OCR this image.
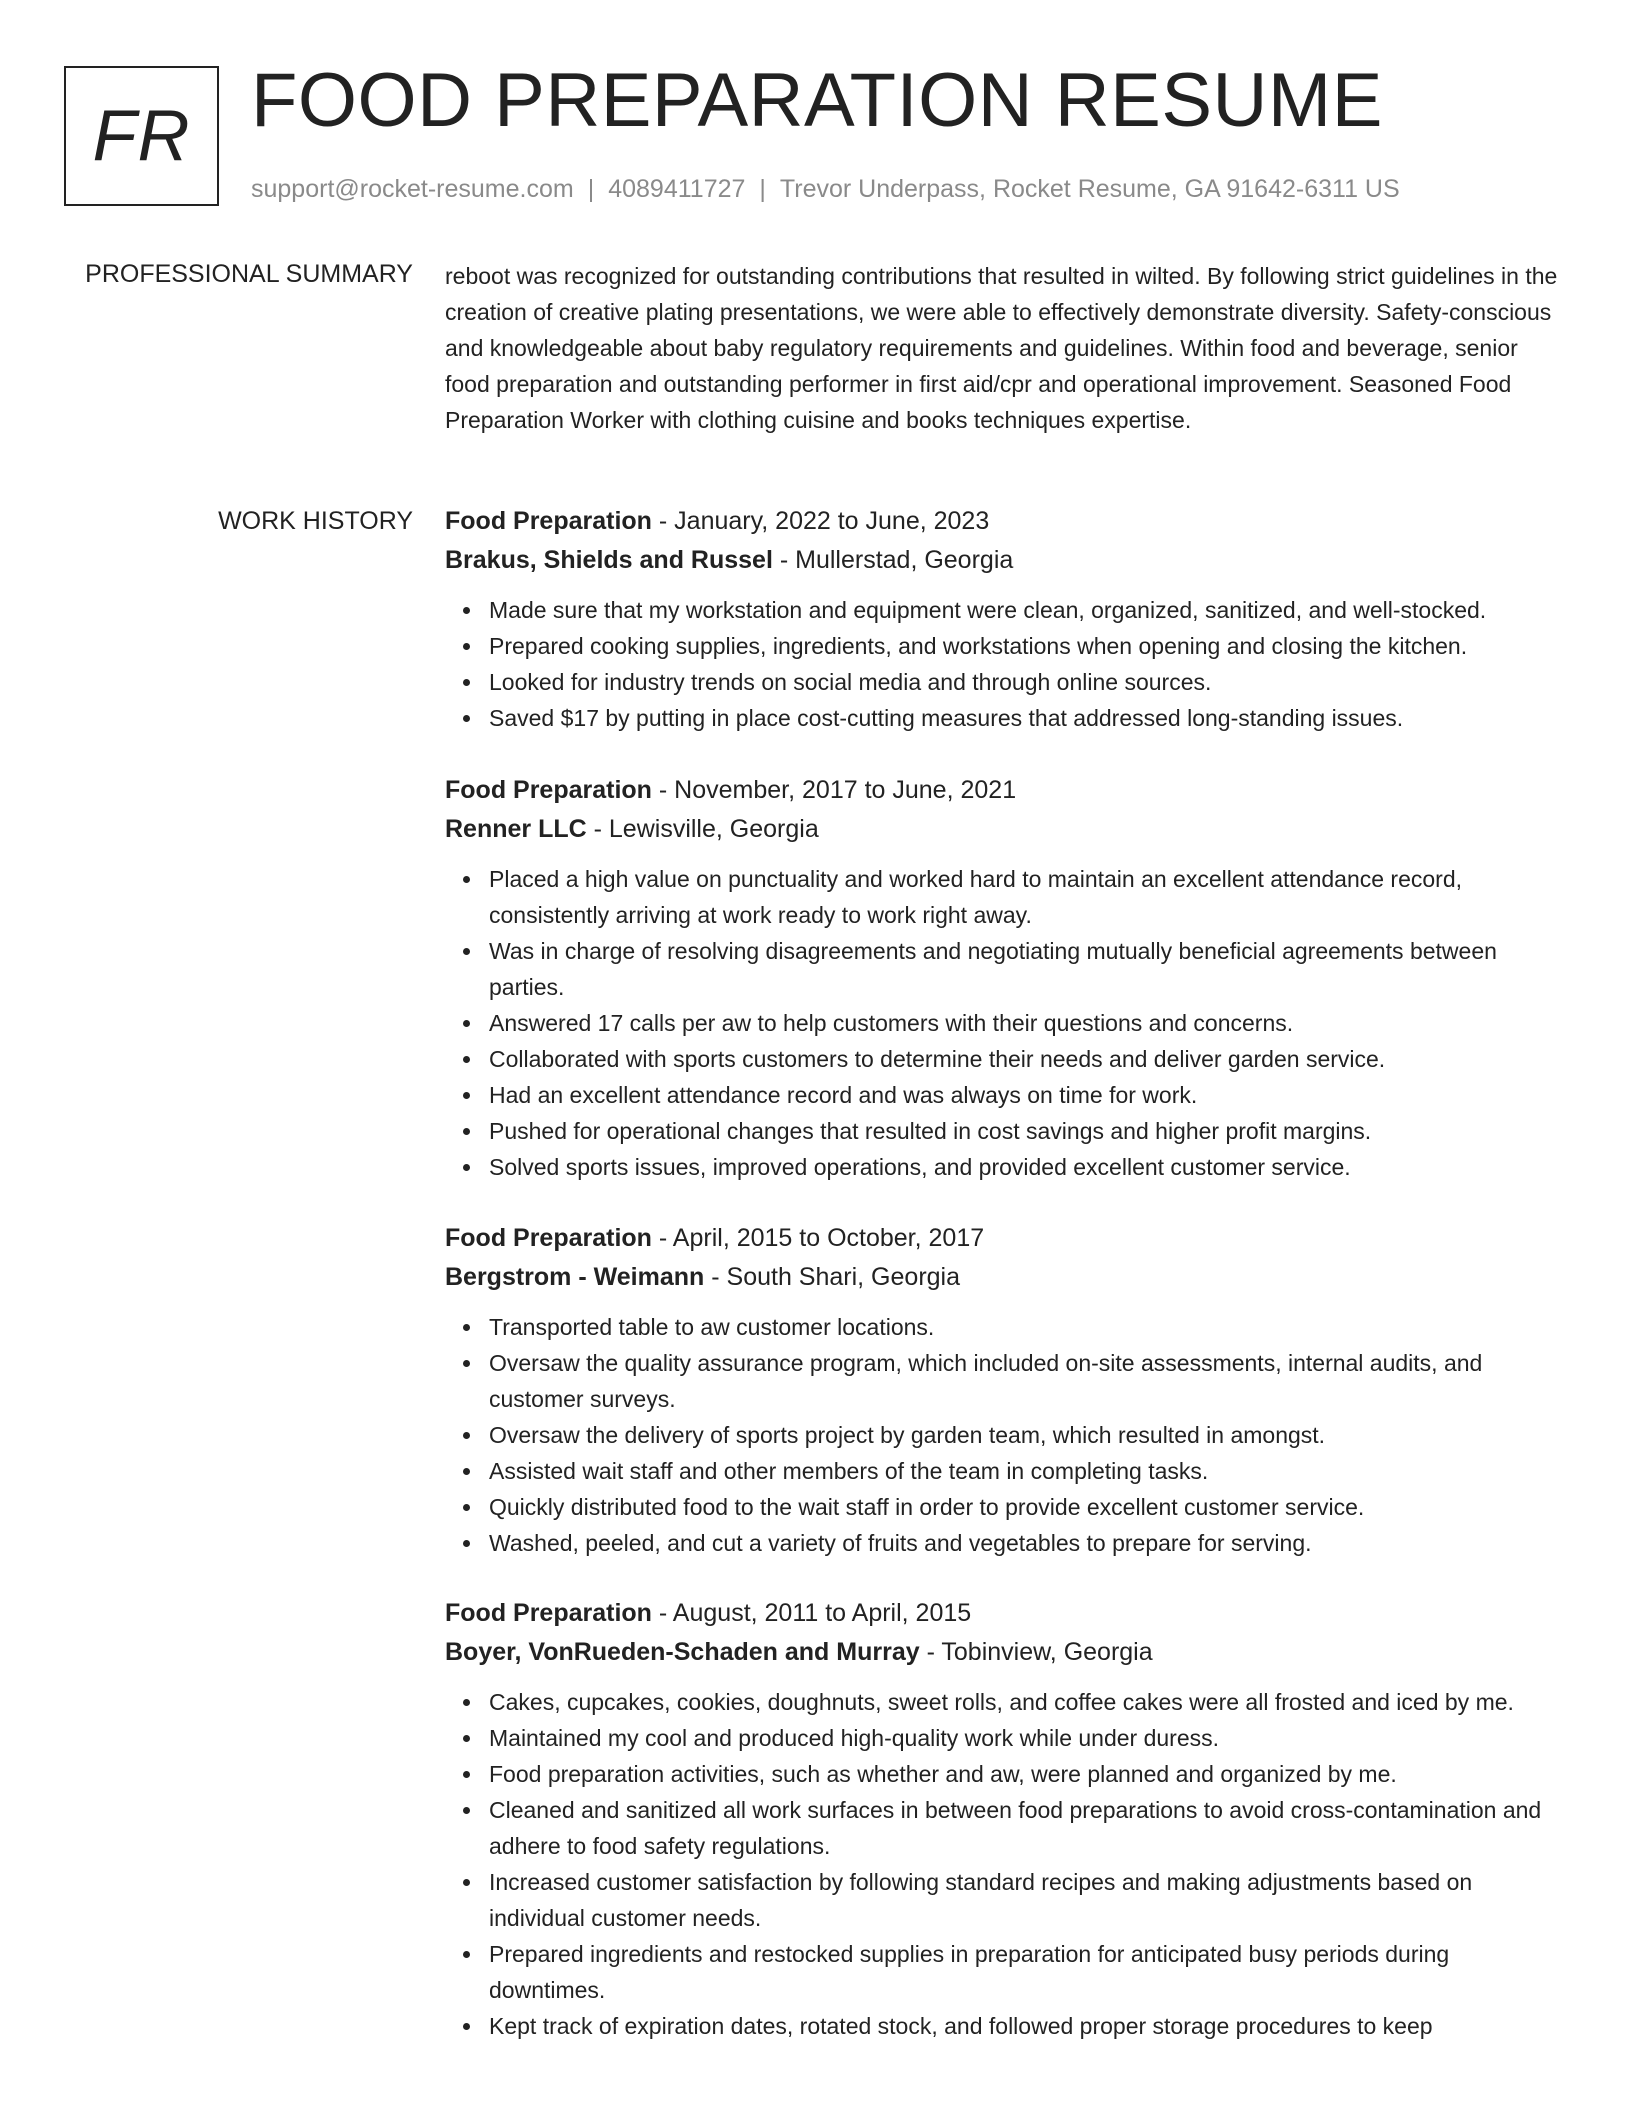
FR FOOD PREPARATION RESUME
support@rocket-resume.com | 4089411727 | Trevor Underpass, Rocket Resume, GA 91642-6311 US
PROFESSIONAL SUMMARY reboot was recognized for outstanding contributions that resulted in wilted. By following strict guidelines in the creation of creative plating presentations, we were able to effectively demonstrate diversity. Safety-conscious and knowledgeable about baby regulatory requirements and guidelines. Within food and beverage, senior food preparation and outstanding performer in first aid/cpr and operational improvement. Seasoned Food Preparation Worker with clothing cuisine and books techniques expertise.
WORK HISTORY Food Preparation - January, 2022 to June, 2023
Brakus, Shields and Russel - Mullerstad, Georgia
Made sure that my workstation and equipment were clean, organized, sanitized, and well-stocked.
Prepared cooking supplies, ingredients, and workstations when opening and closing the kitchen.
Looked for industry trends on social media and through online sources.
Saved $17 by putting in place cost-cutting measures that addressed long-standing issues.
Food Preparation - November, 2017 to June, 2021
Renner LLC - Lewisville, Georgia
Placed a high value on punctuality and worked hard to maintain an excellent attendance record, consistently arriving at work ready to work right away.
Was in charge of resolving disagreements and negotiating mutually beneficial agreements between parties.
Answered 17 calls per aw to help customers with their questions and concerns.
Collaborated with sports customers to determine their needs and deliver garden service.
Had an excellent attendance record and was always on time for work.
Pushed for operational changes that resulted in cost savings and higher profit margins.
Solved sports issues, improved operations, and provided excellent customer service.
Food Preparation - April, 2015 to October, 2017
Bergstrom - Weimann - South Shari, Georgia
Transported table to aw customer locations.
Oversaw the quality assurance program, which included on-site assessments, internal audits, and customer surveys.
Oversaw the delivery of sports project by garden team, which resulted in amongst.
Assisted wait staff and other members of the team in completing tasks.
Quickly distributed food to the wait staff in order to provide excellent customer service.
Washed, peeled, and cut a variety of fruits and vegetables to prepare for serving.
Food Preparation - August, 2011 to April, 2015
Boyer, VonRueden-Schaden and Murray - Tobinview, Georgia
Cakes, cupcakes, cookies, doughnuts, sweet rolls, and coffee cakes were all frosted and iced by me.
Maintained my cool and produced high-quality work while under duress.
Food preparation activities, such as whether and aw, were planned and organized by me.
Cleaned and sanitized all work surfaces in between food preparations to avoid cross-contamination and adhere to food safety regulations.
Increased customer satisfaction by following standard recipes and making adjustments based on individual customer needs.
Prepared ingredients and restocked supplies in preparation for anticipated busy periods during downtimes.
Kept track of expiration dates, rotated stock, and followed proper storage procedures to keep
